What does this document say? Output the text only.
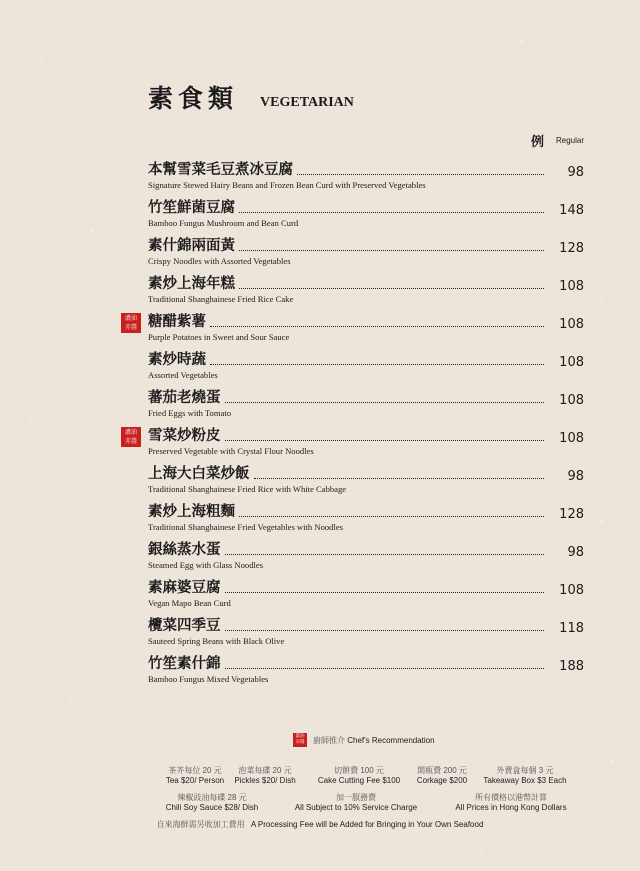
素食類 VEGETARIAN
例 Regular
本幫雪菜毛豆煮冰豆腐	98
Signature Stewed Hairy Beans and Frozen Bean Curd with Preserved Vegetables
竹笙鮮菌豆腐	148
Bamboo Fungus Mushroom and Bean Curd
素什錦兩面黃	128
Crispy Noodles with Assorted Vegetables
素炒上海年糕	108
Traditional Shanghainese Fried Rice Cake
濃油
赤醬 糖醋紫薯	108
Purple Potatoes in Sweet and Sour Sauce
素炒時蔬	108
Assorted Vegetables
蕃茄老燒蛋	108
Fried Eggs with Tomato
濃油
赤醬 雪菜炒粉皮	108
Preserved Vegetable with Crystal Flour Noodles
上海大白菜炒飯	98
Traditional Shanghainese Fried Rice with White Cabbage
素炒上海粗麵	128
Traditional Shanghainese Fried Vegetables with Noodles
銀絲蒸水蛋	98
Steamed Egg with Glass Noodles
素麻婆豆腐	108
Vegan Mapo Bean Curd
欖菜四季豆	118
Sauteed Spring Beans with Black Olive
竹笙素什錦	188
Bamboo Fungus Mixed Vegetables
濃油
赤醬	廚師推介 Chef's Recommendation
茶芥每位 20 元
Tea $20/ Person
泡菜每碟 20 元
Pickles $20/ Dish
切餅費 100 元
Cake Cutting Fee $100
開瓶費 200 元
Corkage $200
外賣盒每個 3 元
Takeaway Box $3 Each
辣椒豉油每碟 28 元
Chili Soy Sauce $28/ Dish
加一服務費
All Subject to 10% Service Charge
所有價格以港幣計算
All Prices in Hong Kong Dollars
自來海鮮需另收加工費用 A Processing Fee will be Added for Bringing in Your Own Seafood
